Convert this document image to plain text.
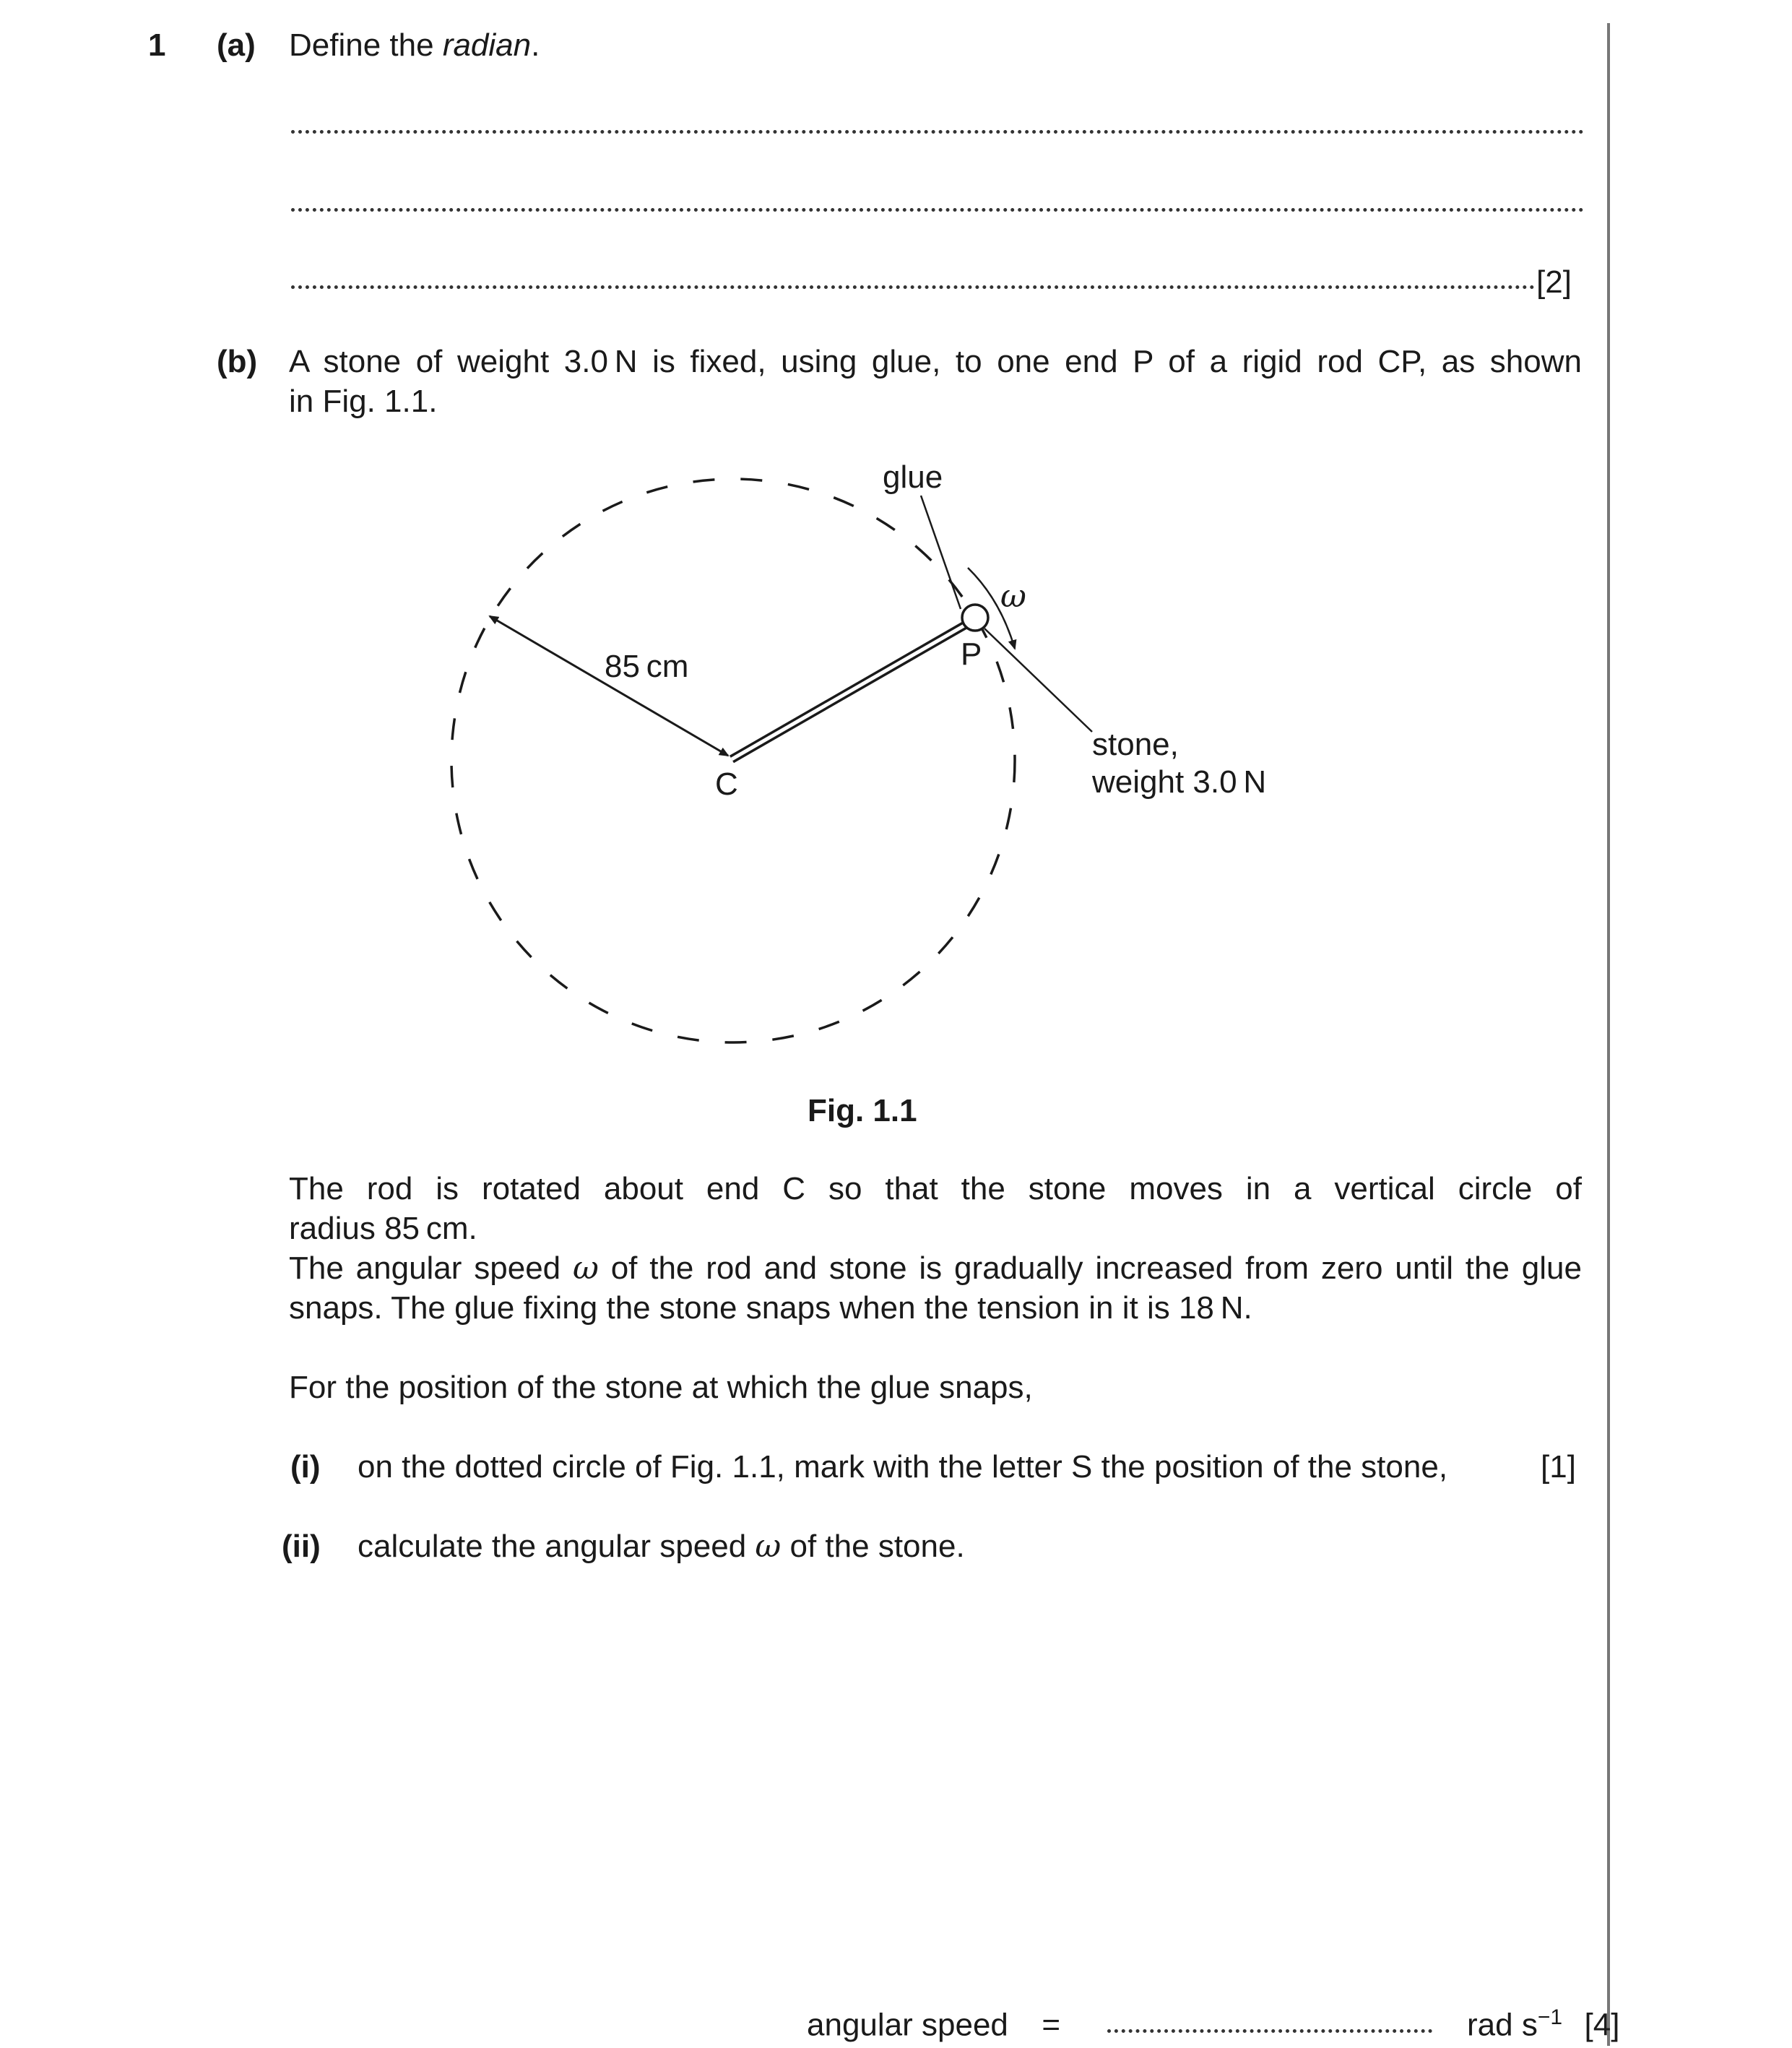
1 (a) Define the radian.
[2]
(b) A stone of weight 3.0 N is fixed, using glue, to one end P of a rigid rod CP, as shown
in Fig. 1.1.
glue
ω
P
85 cm
C
stone,
weight 3.0 N
Fig. 1.1
The rod is rotated about end C so that the stone moves in a vertical circle of
radius 85 cm.
The angular speed ω of the rod and stone is gradually increased from zero until the glue
snaps. The glue fixing the stone snaps when the tension in it is 18 N.
For the position of the stone at which the glue snaps,
(i) on the dotted circle of Fig. 1.1, mark with the letter S the position of the stone,	[1]
(ii) calculate the angular speed ω of the stone.
angular speed =	rad $s^{-1}$ [4]
